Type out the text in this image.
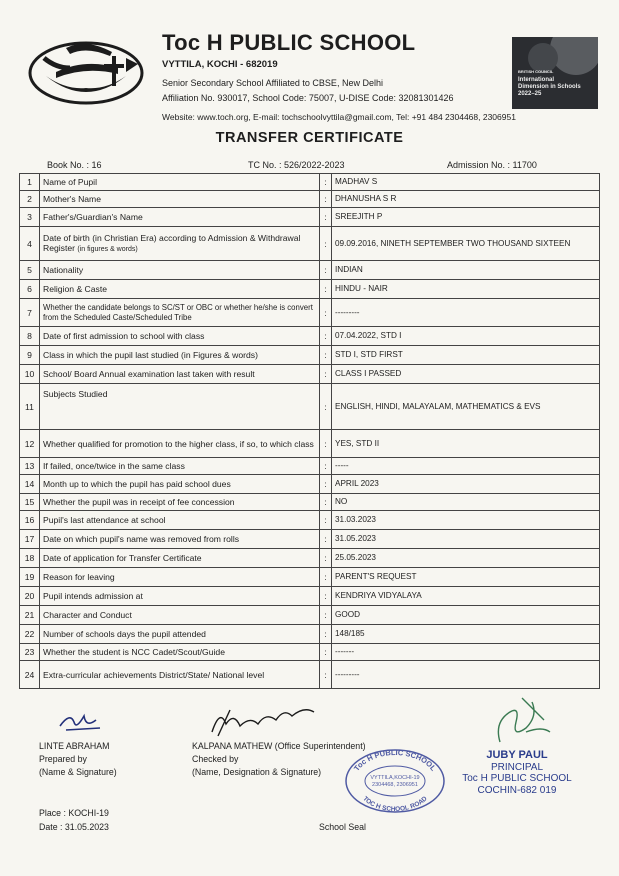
Toc H PUBLIC SCHOOL
VYTTILA, KOCHI - 682019
Senior Secondary School Affiliated to CBSE, New Delhi
Affiliation No. 930017, School Code: 75007, U-DISE Code: 32081301426
BRITISH COUNCIL
International
Dimension in Schools
2022–25
Website: www.toch.org, E-mail: tochschoolvyttila@gmail.com, Tel: +91 484 2304468, 2306951
TRANSFER CERTIFICATE
Book No. : 16	TC No. : 526/2022-2023	Admission No. : 11700
1	Name of Pupil	:	MADHAV S
2	Mother's Name	:	DHANUSHA S R
3	Father's/Guardian's Name	:	SREEJITH P
4	Date of birth (in Christian Era) according to Admission & Withdrawal Register (in figures & words)	:	09.09.2016, NINETH SEPTEMBER TWO THOUSAND SIXTEEN
5	Nationality	:	INDIAN
6	Religion & Caste	:	HINDU - NAIR
7	Whether the candidate belongs to SC/ST or OBC or whether he/she is convert from the Scheduled Caste/Scheduled Tribe	:	---------
8	Date of first admission to school with class	:	07.04.2022, STD I
9	Class in which the pupil last studied (in Figures & words)	:	STD I, STD FIRST
10	School/ Board Annual examination last taken with result	:	CLASS I PASSED
11	Subjects Studied	:	ENGLISH, HINDI, MALAYALAM, MATHEMATICS & EVS
12	Whether qualified for promotion to the higher class, if so, to which class	:	YES, STD II
13	If failed, once/twice in the same class	:	-----
14	Month up to which the pupil has paid school dues	:	APRIL 2023
15	Whether the pupil was in receipt of fee concession	:	NO
16	Pupil's last attendance at school	:	31.03.2023
17	Date on which pupil's name was removed from rolls	:	31.05.2023
18	Date of application for Transfer Certificate	:	25.05.2023
19	Reason for leaving	:	PARENT'S REQUEST
20	Pupil intends admission at	:	KENDRIYA VIDYALAYA
21	Character and Conduct	:	GOOD
22	Number of schools days the pupil attended	:	148/185
23	Whether the student is NCC Cadet/Scout/Guide	:	-------
24	Extra-curricular achievements District/State/ National level	:	---------
LINTE ABRAHAM
Prepared by
(Name & Signature)
KALPANA MATHEW (Office Superintendent)
Checked by
(Name, Designation & Signature)	Toc H PUBLIC SCHOOL
TOC H SCHOOL ROAD
VYTTILA,KOCHI-19
2304468, 2306951
JUBY PAUL
PRINCIPAL
Toc H PUBLIC SCHOOL
COCHIN-682 019
Place : KOCHI-19
Date : 31.05.2023	School Seal
